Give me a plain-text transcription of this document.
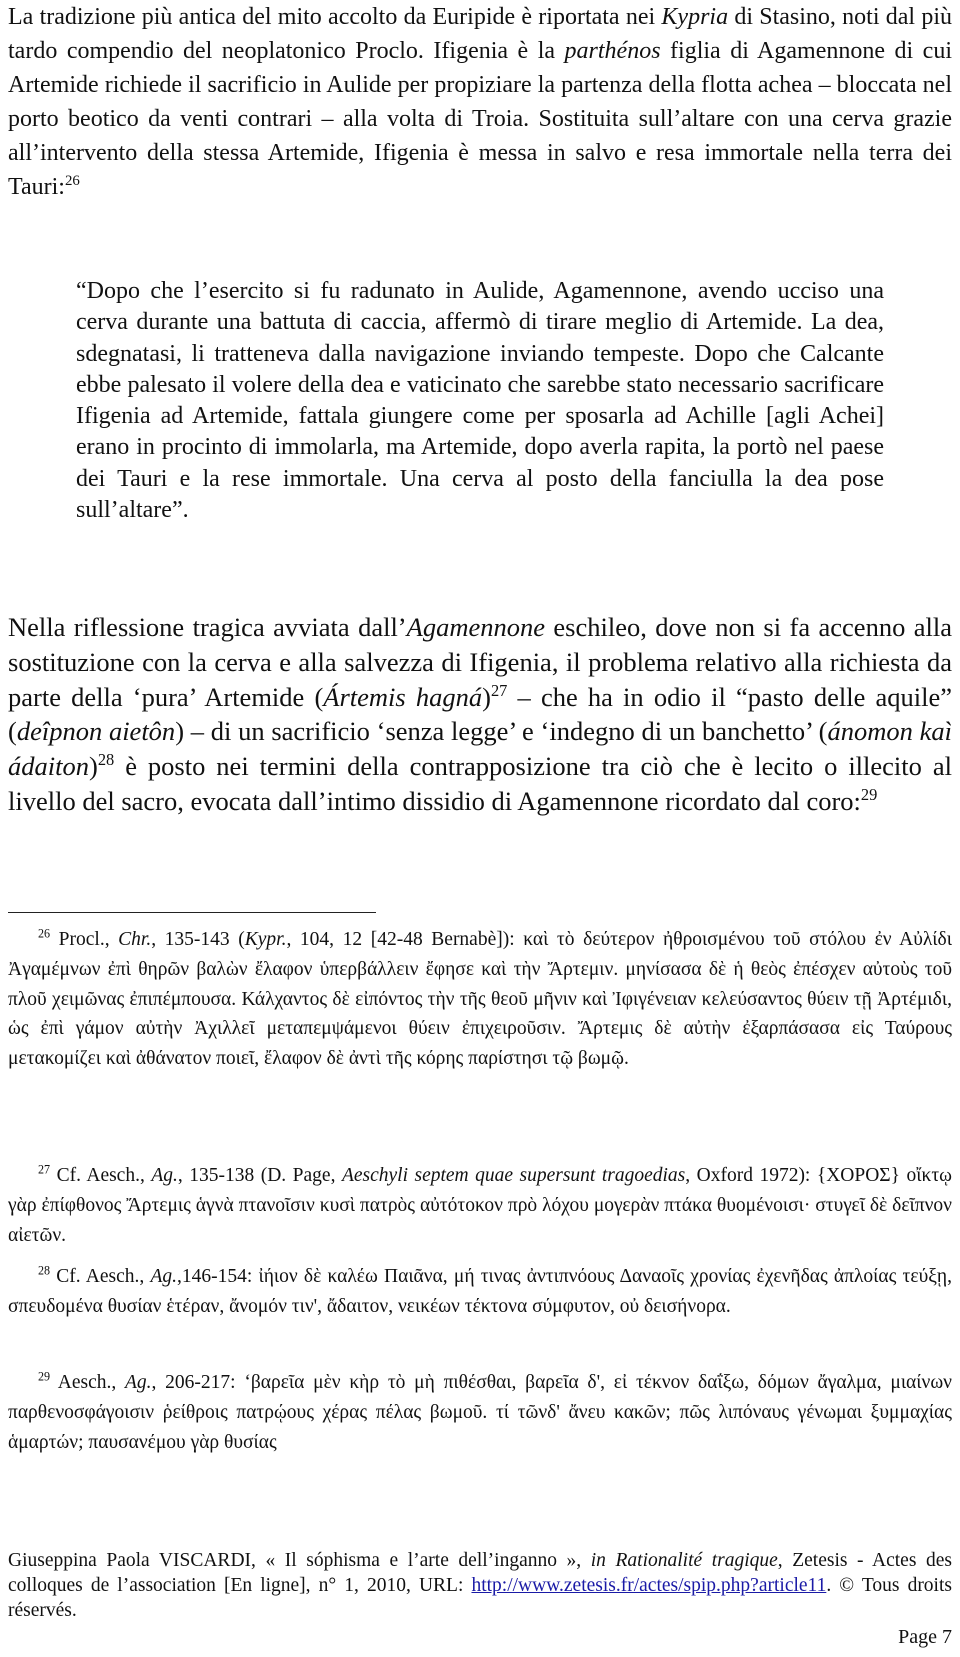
La tradizione più antica del mito accolto da Euripide è riportata nei Kypria di Stasino, noti dal più tardo compendio del neoplatonico Proclo. Ifigenia è la parthénos figlia di Agamennone di cui Artemide richiede il sacrificio in Aulide per propiziare la partenza della flotta achea – bloccata nel porto beotico da venti contrari – alla volta di Troia. Sostituita sull’altare con una cerva grazie all’intervento della stessa Artemide, Ifigenia è messa in salvo e resa immortale nella terra dei Tauri:$^{26}$

“Dopo che l’esercito si fu radunato in Aulide, Agamennone, avendo ucciso una cerva durante una battuta di caccia, affermò di tirare meglio di Artemide. La dea, sdegnatasi, li tratteneva dalla navigazione inviando tempeste. Dopo che Calcante ebbe palesato il volere della dea e vaticinato che sarebbe stato necessario sacrificare Ifigenia ad Artemide, fattala giungere come per sposarla ad Achille [agli Achei] erano in procinto di immolarla, ma Artemide, dopo averla rapita, la portò nel paese dei Tauri e la rese immortale. Una cerva al posto della fanciulla la dea pose sull’altare”.

Nella riflessione tragica avviata dall’Agamennone eschileo, dove non si fa accenno alla sostituzione con la cerva e alla salvezza di Ifigenia, il problema relativo alla richiesta da parte della ‘pura’ Artemide (Ártemis hagná)$^{27}$ – che ha in odio il “pasto delle aquile” (deîpnon aietôn) – di un sacrificio ‘senza legge’ e ‘indegno di un banchetto’ (ánomon kaì ádaiton)$^{28}$ è posto nei termini della contrapposizione tra ciò che è lecito o illecito al livello del sacro, evocata dall’intimo dissidio di Agamennone ricordato dal coro:$^{29}$

$^{26}$ Procl., Chr., 135-143 (Kypr., 104, 12 [42-48 Bernabè]): καὶ τὸ δεύτερον ἠθροισμένου τοῦ στόλου ἐν Αὐλίδι Ἀγαμέμνων ἐπὶ θηρῶν βαλὼν ἔλαφον ὑπερβάλλειν ἔφησε καὶ τὴν Ἄρτεμιν. μηνίσασα δὲ ἡ θεὸς ἐπέσχεν αὐτοὺς τοῦ πλοῦ χειμῶνας ἐπιπέμπουσα. Κάλχαντος δὲ εἰπόντος τὴν τῆς θεοῦ μῆνιν καὶ Ἰφιγένειαν κελεύσαντος θύειν τῇ Ἀρτέμιδι, ὡς ἐπὶ γάμον αὐτὴν Ἀχιλλεῖ μεταπεμψάμενοι θύειν ἐπιχειροῦσιν. Ἄρτεμις δὲ αὐτὴν ἐξαρπάσασα εἰς Ταύρους μετακομίζει καὶ ἀθάνατον ποιεῖ, ἔλαφον δὲ ἀντὶ τῆς κόρης παρίστησι τῷ βωμῷ.

$^{27}$ Cf. Aesch., Ag., 135-138 (D. Page, Aeschyli septem quae supersunt tragoedias, Oxford 1972): {ΧΟΡΟΣ} οἴκτῳ γὰρ ἐπίφθονος Ἄρτεμις ἁγνὰ πτανοῖσιν κυσὶ πατρὸς αὐτότοκον πρὸ λόχου μογερὰν πτάκα θυομένοισι· στυγεῖ δὲ δεῖπνον αἰετῶν.

$^{28}$ Cf. Aesch., Ag.,146-154: ἰήιον δὲ καλέω Παιᾶνα, μή τινας ἀντιπνόους Δαναοῖς χρονίας ἐχενῆδας ἀπλοίας τεύξῃ, σπευδομένα θυσίαν ἑτέραν, ἄνομόν τιν', ἄδαιτον, νεικέων τέκτονα σύμφυτον, οὐ δεισήνορα.

$^{29}$ Aesch., Ag., 206-217: ‘βαρεῖα μὲν κὴρ τὸ μὴ πιθέσθαι, βαρεῖα δ', εἰ τέκνον δαΐξω, δόμων ἄγαλμα, μιαίνων παρθενοσφάγοισιν ῥείθροις πατρῴους χέρας πέλας βωμοῦ. τί τῶνδ' ἄνευ κακῶν; πῶς λιπόναυς γένωμαι ξυμμαχίας ἁμαρτών; παυσανέμου γὰρ θυσίας

Giuseppina Paola VISCARDI, « Il sóphisma e l’arte dell’inganno », in Rationalité tragique, Zetesis - Actes des colloques de l’association [En ligne], n° 1, 2010, URL: http://www.zetesis.fr/actes/spip.php?article11. © Tous droits réservés.

Page 7
